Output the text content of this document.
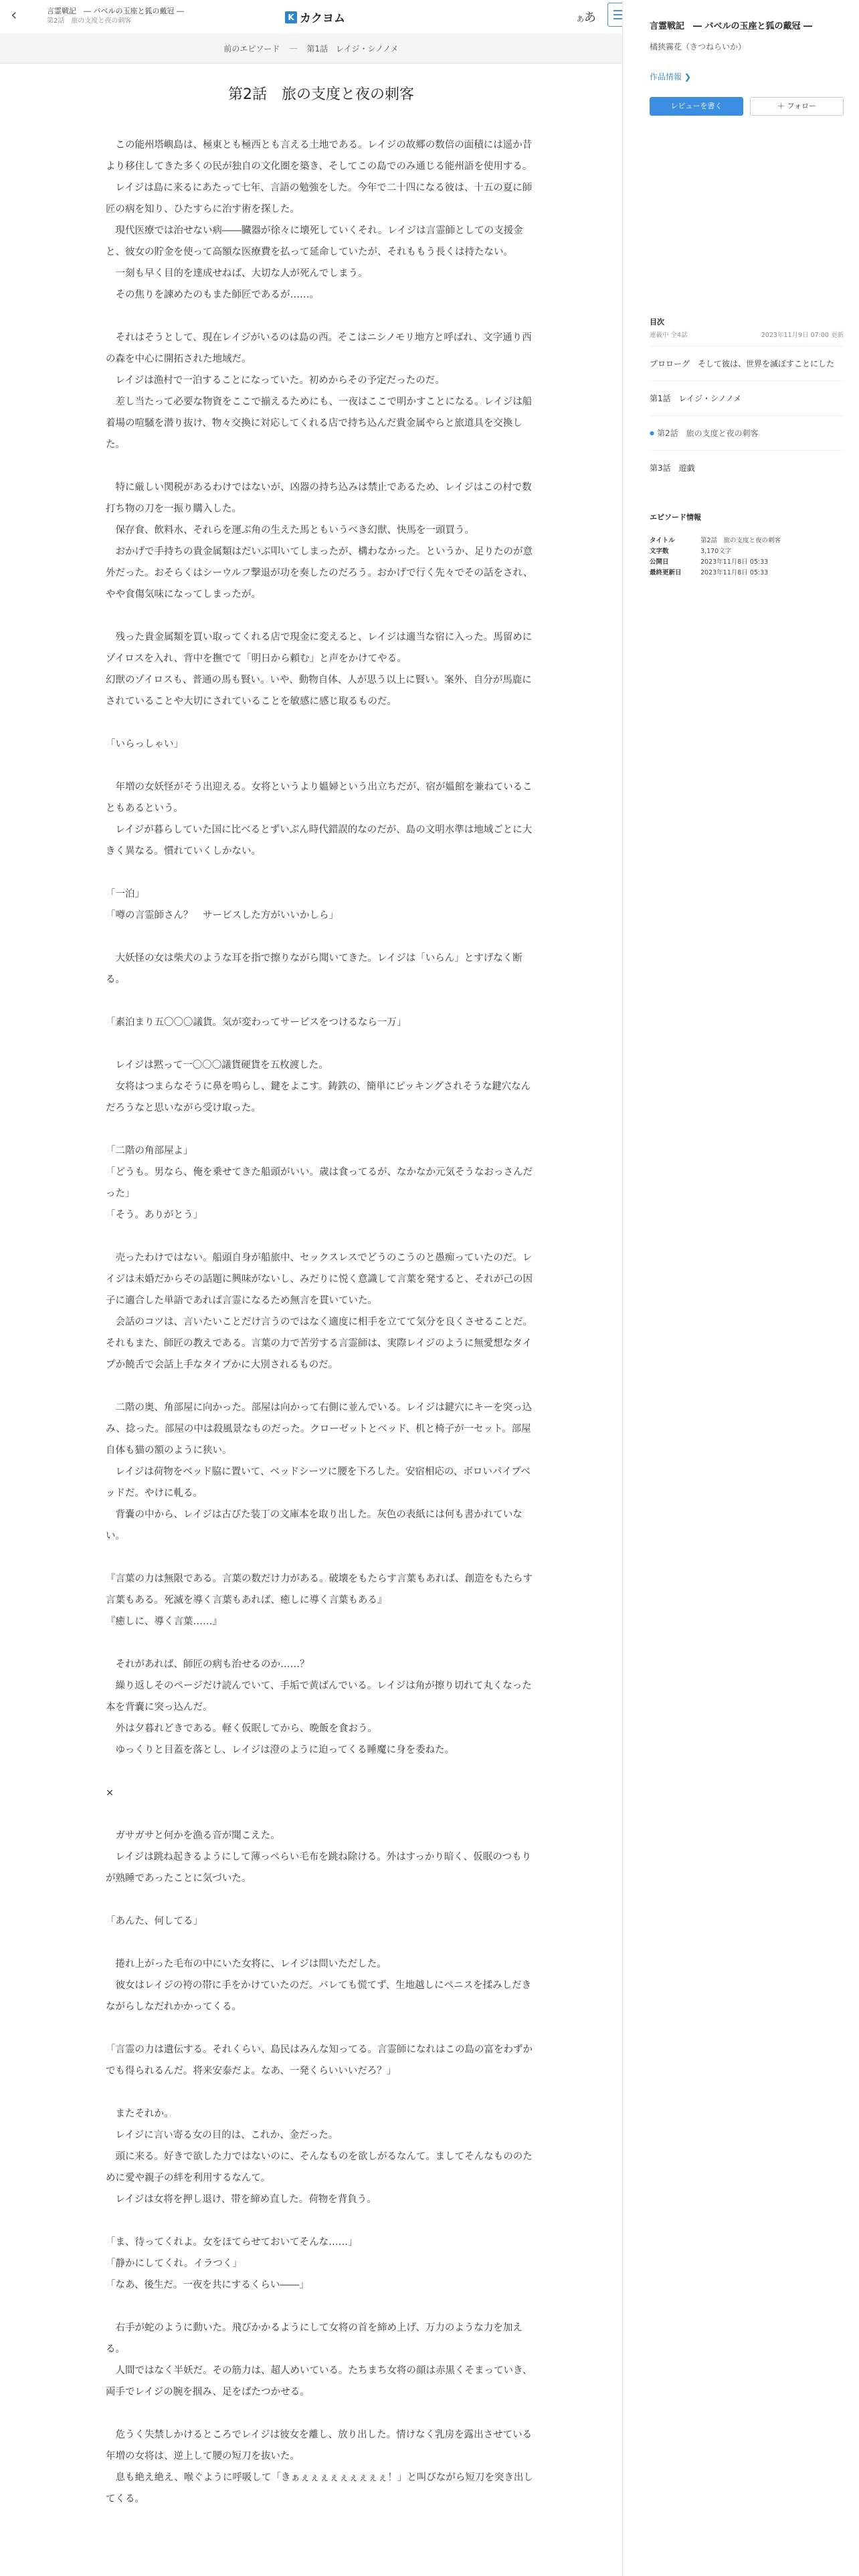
‹	言霊戦記　― バベルの玉座と狐の戴冠 ―
第2話　旅の支度と夜の刺客	K カクヨム	ああ
前のエピソード ― 第1話　レイジ・シノノメ
第2話　旅の支度と夜の刺客

　この能州塔嶼島は、極東とも極西とも言える土地である。レイジの故郷の数倍の面積には遥か昔より移住してきた多くの民が独自の文化圏を築き、そしてこの島でのみ通じる能州語を使用する。

　レイジは島に来るにあたって七年、言語の勉強をした。今年で二十四になる彼は、十五の夏に師匠の病を知り、ひたすらに治す術を探した。

　現代医療では治せない病――臓器が徐々に壊死していくそれ。レイジは言霊師としての支援金と、彼女の貯金を使って高額な医療費を払って延命していたが、それももう長くは持たない。

　一刻も早く目的を達成せねば、大切な人が死んでしまう。

　その焦りを諫めたのもまた師匠であるが……。

　それはそうとして、現在レイジがいるのは島の西。そこはニシノモリ地方と呼ばれ、文字通り西の森を中心に開拓された地域だ。

　レイジは漁村で一泊することになっていた。初めからその予定だったのだ。

　差し当たって必要な物資をここで揃えるためにも、一夜はここで明かすことになる。レイジは船着場の喧騒を潜り抜け、物々交換に対応してくれる店で持ち込んだ貴金属やらと旅道具を交換した。

　特に厳しい関税があるわけではないが、凶器の持ち込みは禁止であるため、レイジはこの村で数打ち物の刀を一振り購入した。

　保存食、飲料水、それらを運ぶ角の生えた馬ともいうべき幻獣、快馬を一頭買う。

　おかげで手持ちの貴金属類はだいぶ叩いてしまったが、構わなかった。というか、足りたのが意外だった。おそらくはシーウルフ撃退が功を奏したのだろう。おかげで行く先々でその話をされ、やや食傷気味になってしまったが。

　残った貴金属類を買い取ってくれる店で現金に変えると、レイジは適当な宿に入った。馬留めにゾイロスを入れ、背中を撫でて「明日から頼む」と声をかけてやる。

幻獣のゾイロスも、普通の馬も賢い。いや、動物自体、人が思う以上に賢い。案外、自分が馬鹿にされていることや大切にされていることを敏感に感じ取るものだ。

「いらっしゃい」

　年増の女妖怪がそう出迎える。女将というより媼婦という出立ちだが、宿が媼館を兼ねていることもあるという。

　レイジが暮らしていた国に比べるとずいぶん時代錯誤的なのだが、島の文明水準は地域ごとに大きく異なる。慣れていくしかない。

「一泊」

「噂の言霊師さん？　サービスした方がいいかしら」

　大妖怪の女は柴犬のような耳を指で擦りながら聞いてきた。レイジは「いらん」とすげなく断る。

「素泊まり五〇〇〇議貨。気が変わってサービスをつけるなら一万」

　レイジは黙って一〇〇〇議貨硬貨を五枚渡した。

　女将はつまらなそうに鼻を鳴らし、鍵をよこす。鋳鉄の、簡単にピッキングされそうな鍵穴なんだろうなと思いながら受け取った。

「二階の角部屋よ」

「どうも。男なら、俺を乗せてきた船頭がいい。歳は食ってるが、なかなか元気そうなおっさんだった」

「そう。ありがとう」

　売ったわけではない。船頭自身が船旅中、セックスレスでどうのこうのと愚痴っていたのだ。レイジは未婚だからその話題に興味がないし、みだりに悦く意識して言葉を発すると、それが己の因子に適合した単語であれば言霊になるため無言を貫いていた。

　会話のコツは、言いたいことだけ言うのではなく適度に相手を立てて気分を良くさせることだ。それもまた、師匠の教えである。言葉の力で苦労する言霊師は、実際レイジのように無愛想なタイプか饒舌で会話上手なタイプかに大別されるものだ。

　二階の奥、角部屋に向かった。部屋は向かって右側に並んでいる。レイジは鍵穴にキーを突っ込み、捻った。部屋の中は殺風景なものだった。クローゼットとベッド、机と椅子が一セット。部屋自体も猫の額のように狭い。

　レイジは荷物をベッド脇に置いて、ベッドシーツに腰を下ろした。安宿相応の、ボロいパイプベッドだ。やけに軋る。

　背嚢の中から、レイジは古びた装丁の文庫本を取り出した。灰色の表紙には何も書かれていない。

『言葉の力は無限である。言葉の数だけ力がある。破壊をもたらす言葉もあれば、創造をもたらす言葉もある。死滅を導く言葉もあれば、癒しに導く言葉もある』

『癒しに、導く言葉……』

　それがあれば、師匠の病も治せるのか……？

　繰り返しそのページだけ読んでいて、手垢で黄ばんでいる。レイジは角が擦り切れて丸くなった本を背嚢に突っ込んだ。

　外は夕暮れどきである。軽く仮眠してから、晩飯を食おう。

　ゆっくりと目蓋を落とし、レイジは澄のように迫ってくる睡魔に身を委ねた。

×

　ガサガサと何かを漁る音が聞こえた。

　レイジは跳ね起きるようにして薄っぺらい毛布を跳ね除ける。外はすっかり暗く、仮眠のつもりが熟睡であったことに気づいた。

「あんた、何してる」

　捲れ上がった毛布の中にいた女将に、レイジは問いただした。

　彼女はレイジの袴の帯に手をかけていたのだ。バレても慌てず、生地越しにペニスを揉みしだきながらしなだれかかってくる。

「言霊の力は遺伝する。それくらい、島民はみんな知ってる。言霊師になれはこの島の富をわずかでも得られるんだ。将来安泰だよ。なあ、一発くらいいいだろ？」

　またそれか。

　レイジに言い寄る女の目的は、これか、金だった。

　頭に来る。好きで欲した力ではないのに、そんなものを欲しがるなんて。ましてそんなもののために愛や親子の絆を利用するなんて。

　レイジは女将を押し退け、帯を締め直した。荷物を背負う。

「ま、待ってくれよ。女をほてらせておいてそんな……」

「静かにしてくれ。イラつく」

「なあ、後生だ。一夜を共にするくらい――」

　右手が蛇のように動いた。飛びかかるようにして女将の首を締め上げ、万力のような力を加える。

　人間ではなく半妖だ。その筋力は、超人めいている。たちまち女将の顔は赤黒くそまっていき、両手でレイジの腕を掴み、足をばたつかせる。

　危うく失禁しかけるところでレイジは彼女を離し、放り出した。情けなく乳房を露出させている年増の女将は、逆上して腰の短刀を抜いた。

　息も絶え絶え、喉ぐように呼吸して「きぁぇぇぇぇぇぇぇぇぇ！」と叫びながら短刀を突き出してくる。

言霊戦記　― バベルの玉座と狐の戴冠 ―
橘狭霧花（きつねらいか）
作品情報 ❯
レビューを書く	＋ フォロー
目次
連載中 全4話	2023年11月9日 07:00 更新
プロローグ　そして彼は、世界を滅ぼすことにした
第1話　レイジ・シノノメ
● 第2話　旅の支度と夜の刺客
第3話　遊戯
エピソード情報
タイトル	第2話　旅の支度と夜の刺客
文字数	3,170文字
公開日	2023年11月8日 05:33
最終更新日	2023年11月8日 05:33
